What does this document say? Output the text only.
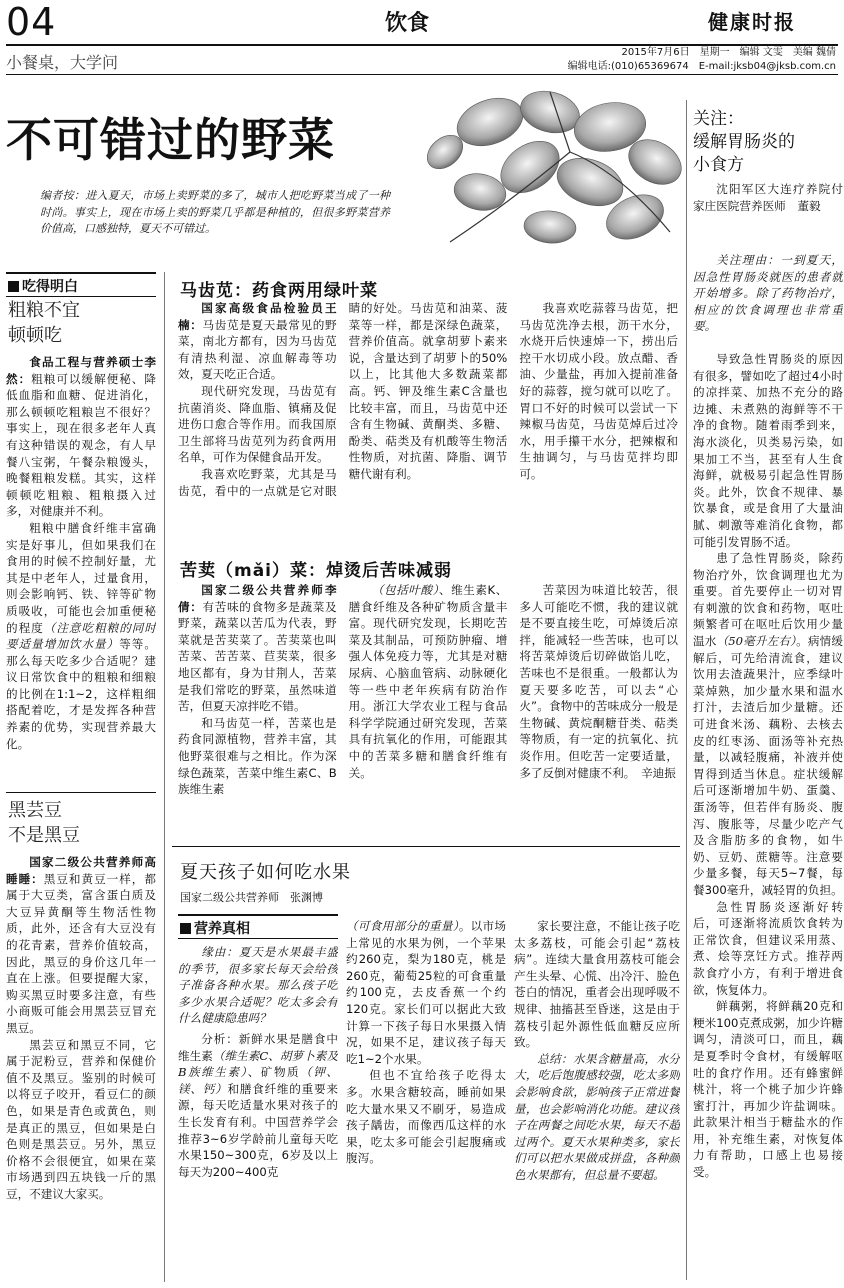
04	饮食	健康时报
小餐桌，大学问
2015年7月6日　星期一　编辑 文雯　美编 魏倩
编辑电话:(010)65369674　E-mail:jksb04@jksb.com.cn
不可错过的野菜
编者按：进入夏天，市场上卖野菜的多了，城市人把吃野菜当成了一种时尚。事实上，现在市场上卖的野菜几乎都是种植的，但很多野菜营养价值高，口感独特，夏天不可错过。
关注：
缓解胃肠炎的
小食方
沈阳军区大连疗养院付家庄医院营养医师　董毅

关注理由：一到夏天，因急性胃肠炎就医的患者就开始增多。除了药物治疗，相应的饮食调理也非常重要。

导致急性胃肠炎的原因有很多，譬如吃了超过4小时的凉拌菜、加热不充分的路边摊、未煮熟的海鲜等不干净的食物。随着雨季到来，海水淡化，贝类易污染，如果加工不当，甚至有人生食海鲜，就极易引起急性胃肠炎。此外，饮食不规律、暴饮暴食，或是食用了大量油腻、刺激等难消化食物，都可能引发胃肠不适。

患了急性胃肠炎，除药物治疗外，饮食调理也尤为重要。首先要停止一切对胃有刺激的饮食和药物，呕吐频繁者可在呕吐后饮用少量温水（50毫升左右）。病情缓解后，可先给清流食，建议饮用去渣蔬果汁，应季绿叶菜焯熟，加少量水果和温水打汁，去渣后加少量糖。还可进食米汤、藕粉、去核去皮的红枣汤、面汤等补充热量，以减轻腹痛，补液并使胃得到适当休息。症状缓解后可逐渐增加牛奶、蛋羹、蛋汤等，但若伴有肠炎、腹泻、腹胀等，尽量少吃产气及含脂肪多的食物，如牛奶、豆奶、蔗糖等。注意要少量多餐，每天5~7餐，每餐300毫升，减轻胃的负担。

急性胃肠炎逐渐好转后，可逐渐将流质饮食转为正常饮食，但建议采用蒸、煮、烩等烹饪方式。推荐两款食疗小方，有利于增进食欲，恢复体力。

鲜藕粥，将鲜藕20克和粳米100克煮成粥，加少许糖调匀，清淡可口，而且，藕是夏季时令食材，有缓解呕吐的食疗作用。还有蜂蜜鲜桃汁，将一个桃子加少许蜂蜜打汁，再加少许盐调味。此款果汁相当于糖盐水的作用，补充维生素，对恢复体力有帮助，口感上也易接受。

吃得明白
粗粮不宜
顿顿吃

食品工程与营养硕士李然：粗粮可以缓解便秘、降低血脂和血糖、促进消化，那么顿顿吃粗粮岂不很好？事实上，现在很多老年人真有这种错误的观念，有人早餐八宝粥，午餐杂粮馒头，晚餐粗粮发糕。其实，这样顿顿吃粗粮、粗粮摄入过多，对健康并不利。

粗粮中膳食纤维丰富确实是好事儿，但如果我们在食用的时候不控制好量，尤其是中老年人，过量食用，则会影响钙、铁、锌等矿物质吸收，可能也会加重便秘的程度（注意吃粗粮的同时要适量增加饮水量）等等。那么每天吃多少合适呢？建议日常饮食中的粗粮和细粮的比例在1:1~2，这样粗细搭配着吃，才是发挥各种营养素的优势，实现营养最大化。

黑芸豆
不是黑豆

国家二级公共营养师高睡睡：黑豆和黄豆一样，都属于大豆类，富含蛋白质及大豆异黄酮等生物活性物质，此外，还含有大豆没有的花青素，营养价值较高，因此，黑豆的身价这几年一直在上涨。但要提醒大家，购买黑豆时要多注意，有些小商贩可能会用黑芸豆冒充黑豆。

黑芸豆和黑豆不同，它属于泥粉豆，营养和保健价值不及黑豆。鉴别的时候可以将豆子咬开，看豆仁的颜色，如果是青色或黄色，则是真正的黑豆，但如果是白色则是黑芸豆。另外，黑豆价格不会很便宜，如果在菜市场遇到四五块钱一斤的黑豆，不建议大家买。

马齿苋：药食两用绿叶菜

国家高级食品检验员王楠：马齿苋是夏天最常见的野菜，南北方都有，因为马齿苋有清热利湿、凉血解毒等功效，夏天吃正合适。

现代研究发现，马齿苋有抗菌消炎、降血脂、镇痛及促进伤口愈合等作用。而我国原卫生部将马齿苋列为药食两用名单，可作为保健食品开发。

我喜欢吃野菜，尤其是马齿苋，看中的一点就是它对眼睛的好处。马齿苋和油菜、菠菜等一样，都是深绿色蔬菜，营养价值高。就拿胡萝卜素来说，含量达到了胡萝卜的50%以上，比其他大多数蔬菜都高。钙、钾及维生素C含量也比较丰富，而且，马齿苋中还含有生物碱、黄酮类、多糖、酚类、萜类及有机酸等生物活性物质，对抗菌、降脂、调节糖代谢有利。

我喜欢吃蒜蓉马齿苋，把马齿苋洗净去根，沥干水分，水烧开后快速焯一下，捞出后控干水切成小段。放点醋、香油、少量盐，再加入提前准备好的蒜蓉，搅匀就可以吃了。胃口不好的时候可以尝试一下辣椒马齿苋，马齿苋焯后过冷水，用手攥干水分，把辣椒和生抽调匀，与马齿苋拌均即可。

苦荬（mǎi）菜：焯烫后苦味减弱

国家二级公共营养师李倩：有苦味的食物多是蔬菜及野菜，蔬菜以苦瓜为代表，野菜就是苦荬菜了。苦荬菜也叫苦菜、苦苦菜、苣荬菜，很多地区都有，身为甘荆人，苦菜是我们常吃的野菜，虽然味道苦，但夏天凉拌吃不错。

和马齿苋一样，苦菜也是药食同源植物，营养丰富，其他野菜很难与之相比。作为深绿色蔬菜，苦菜中维生素C、B族维生素

（包括叶酸）、维生素K、膳食纤维及各种矿物质含量丰富。现代研究发现，长期吃苦菜及其制品，可预防肿瘤、增强人体免疫力等，尤其是对糖尿病、心脑血管病、动脉硬化等一些中老年疾病有防治作用。浙江大学农业工程与食品科学学院通过研究发现，苦菜具有抗氧化的作用，可能跟其中的苦菜多糖和膳食纤维有关。

苦菜因为味道比较苦，很多人可能吃不惯，我的建议就是不要直接生吃，可焯烫后凉拌，能减轻一些苦味，也可以将苦菜焯烫后切碎做馅儿吃，苦味也不是很重。一般都认为夏天要多吃苦，可以去“心火”。食物中的苦味成分一般是生物碱、黄烷酮糖苷类、萜类等物质，有一定的抗氧化、抗炎作用。但吃苦一定要适量，多了反倒对健康不利。　 辛迪振

夏天孩子如何吃水果
国家二级公共营养师　张渊博
营养真相

缘由：夏天是水果最丰盛的季节，很多家长每天会给孩子准备各种水果。那么孩子吃多少水果合适呢？吃太多会有什么健康隐患吗？

分析：新鲜水果是膳食中维生素（维生素C、胡萝卜素及B族维生素）、矿物质（钾、镁、钙）和膳食纤维的重要来源，每天吃适量水果对孩子的生长发育有利。中国营养学会推荐3~6岁学龄前儿童每天吃水果150~300克，6岁及以上每天为200~400克

（可食用部分的重量）。以市场上常见的水果为例，一个苹果约260克，梨为180克，桃是260克，葡萄25粒的可食重量约100克，去皮香蕉一个约120克。家长们可以据此大致计算一下孩子每日水果摄入情况，如果不足，建议孩子每天吃1~2个水果。

但也不宜给孩子吃得太多。水果含糖较高，睡前如果吃大量水果又不刷牙，易造成孩子龋齿，而像西瓜这样的水果，吃太多可能会引起腹痛或腹泻。

家长要注意，不能让孩子吃太多荔枝，可能会引起“荔枝病”。连续大量食用荔枝可能会产生头晕、心慌、出冷汗、脸色苍白的情况，重者会出现呼吸不规律、抽搐甚至昏迷，这是由于荔枝引起外源性低血糖反应所致。

总结：水果含糖量高，水分大，吃后饱腹感较强，吃太多则会影响食欲，影响孩子正常进餐量，也会影响消化功能。建议孩子在两餐之间吃水果，每天不超过两个。夏天水果种类多，家长们可以把水果做成拼盘，各种颜色水果都有，但总量不要超。
